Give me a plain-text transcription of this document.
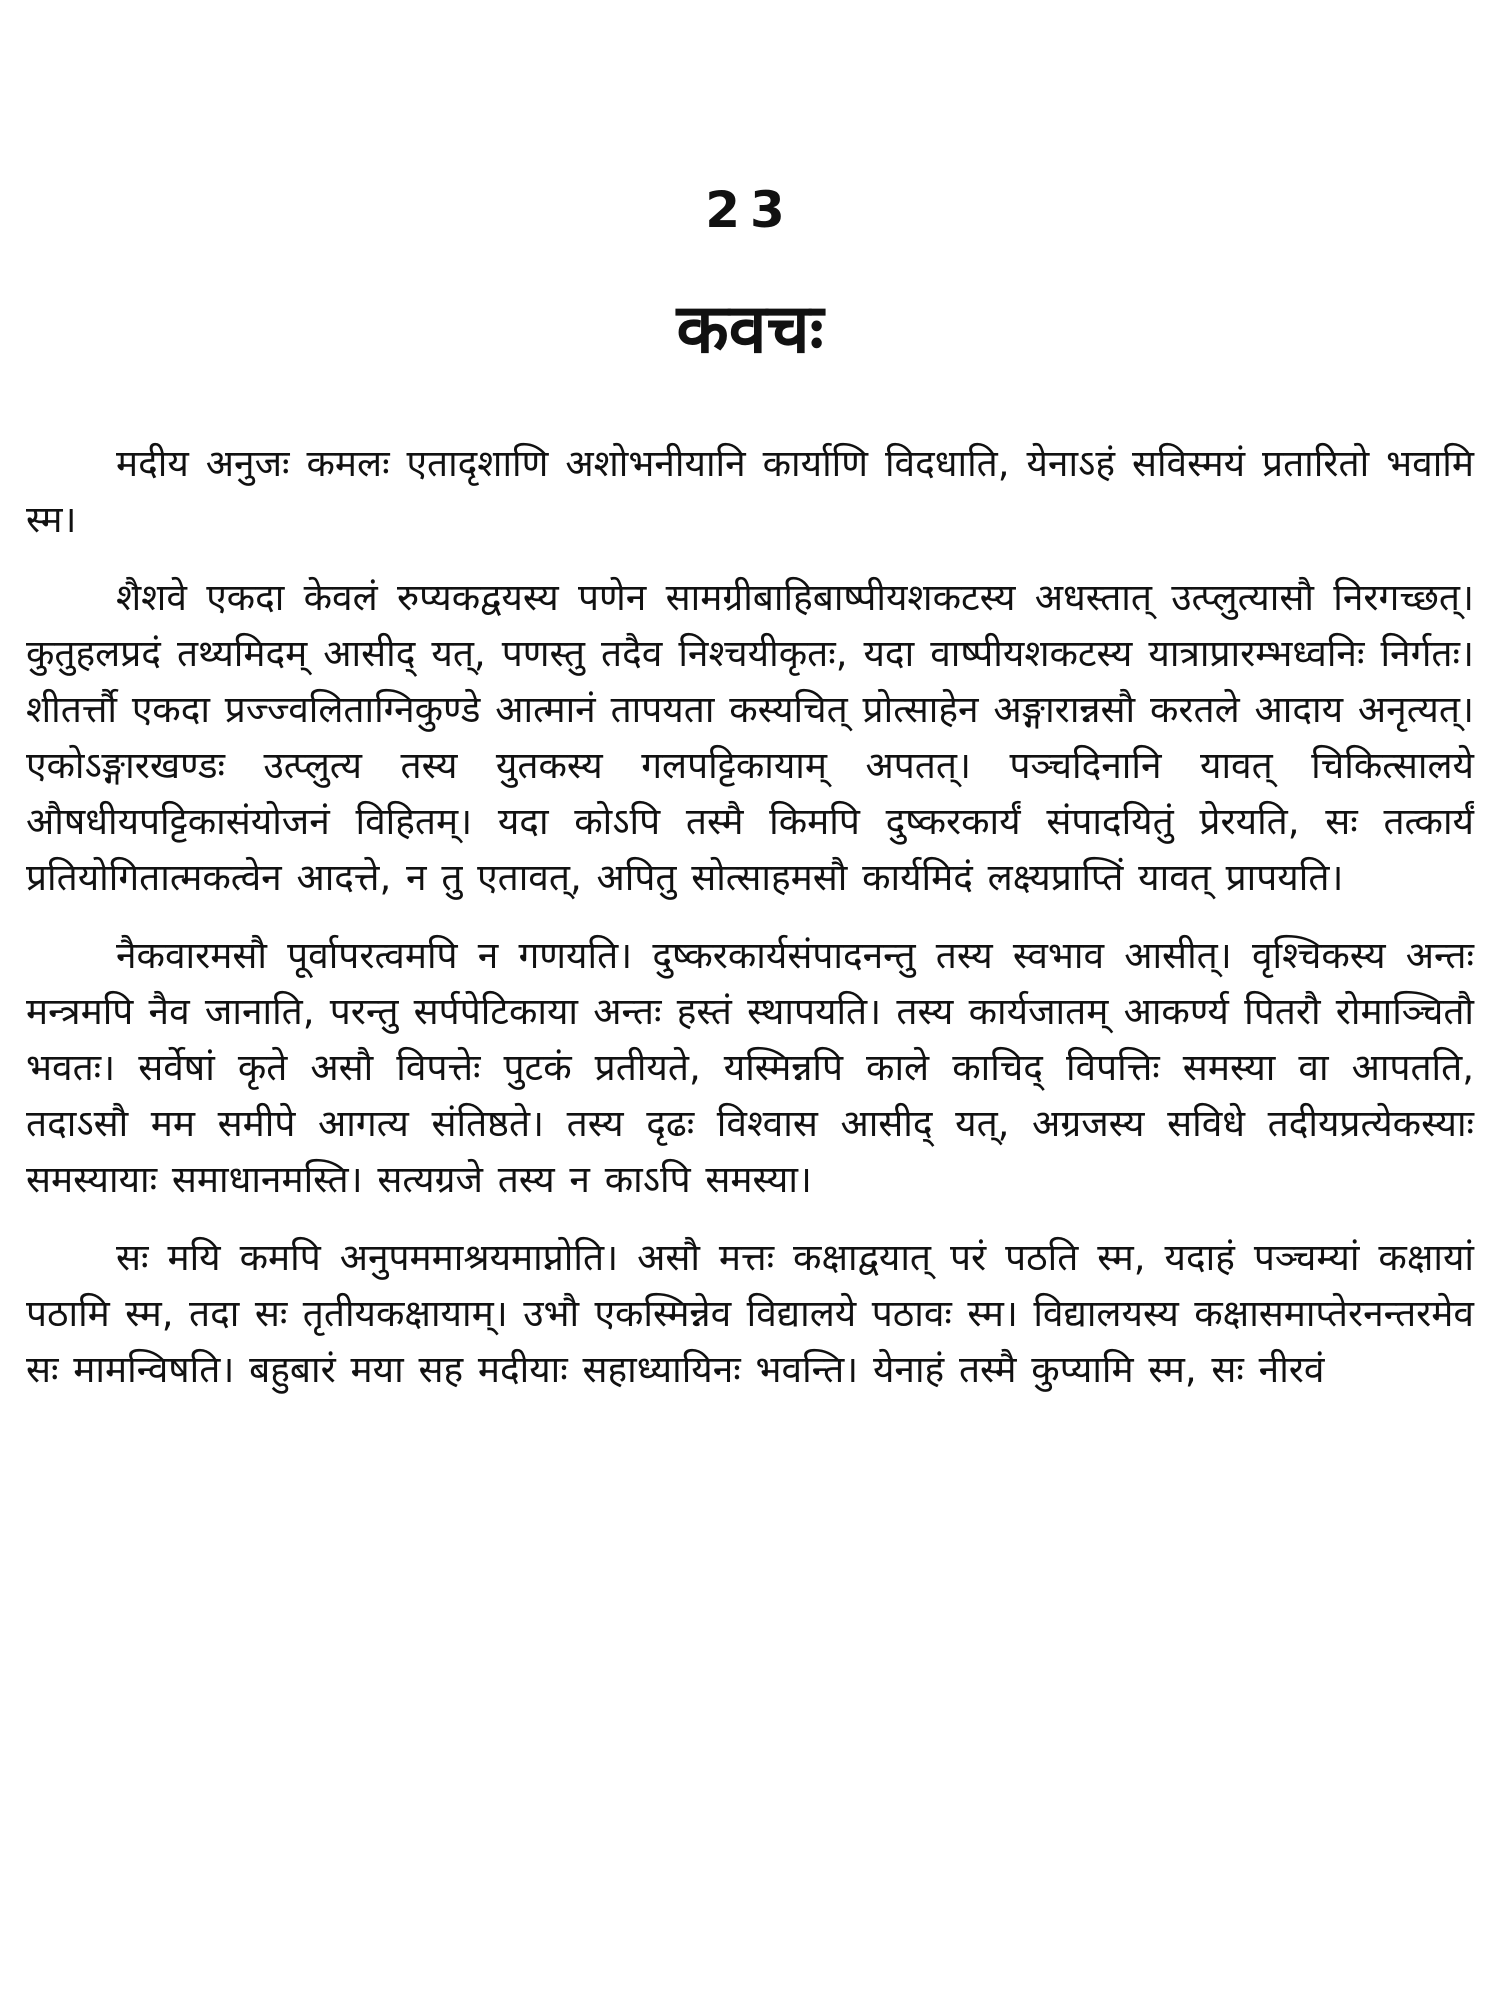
23
कवचः

मदीय अनुजः कमलः एतादृशाणि अशोभनीयानि कार्याणि विदधाति, येनाऽहं सविस्मयं प्रतारितो भवामि स्म।

शैशवे एकदा केवलं रुप्यकद्वयस्य पणेन सामग्रीबाहिबाष्पीयशकटस्य अधस्तात् उत्प्लुत्यासौ निरगच्छत्। कुतुहलप्रदं तथ्यमिदम् आसीद् यत्, पणस्तु तदैव निश्चयीकृतः, यदा वाष्पीयशकटस्य यात्राप्रारम्भध्वनिः निर्गतः। शीतर्त्तौ एकदा प्रज्ज्वलिताग्निकुण्डे आत्मानं तापयता कस्यचित् प्रोत्साहेन अङ्गारान्नसौ करतले आदाय अनृत्यत्। एकोऽङ्गारखण्डः उत्प्लुत्य तस्य युतकस्य गलपट्टिकायाम् अपतत्। पञ्चदिनानि यावत् चिकित्सालये औषधीयपट्टिकासंयोजनं विहितम्। यदा कोऽपि तस्मै किमपि दुष्करकार्यं संपादयितुं प्रेरयति, सः तत्कार्यं प्रतियोगितात्मकत्वेन आदत्ते, न तु एतावत्, अपितु सोत्साहमसौ कार्यमिदं लक्ष्यप्राप्तिं यावत् प्रापयति।

नैकवारमसौ पूर्वापरत्वमपि न गणयति। दुष्करकार्यसंपादनन्तु तस्य स्वभाव आसीत्। वृश्चिकस्य अन्तः मन्त्रमपि नैव जानाति, परन्तु सर्पपेटिकाया अन्तः हस्तं स्थापयति। तस्य कार्यजातम् आकर्ण्य पितरौ रोमाञ्चितौ भवतः। सर्वेषां कृते असौ विपत्तेः पुटकं प्रतीयते, यस्मिन्नपि काले काचिद् विपत्तिः समस्या वा आपतति, तदाऽसौ मम समीपे आगत्य संतिष्ठते। तस्य दृढः विश्वास आसीद् यत्, अग्रजस्य सविधे तदीयप्रत्येकस्याः समस्यायाः समाधानमस्ति। सत्यग्रजे तस्य न काऽपि समस्या।

सः मयि कमपि अनुपममाश्रयमाप्नोति। असौ मत्तः कक्षाद्वयात् परं पठति स्म, यदाहं पञ्चम्यां कक्षायां पठामि स्म, तदा सः तृतीयकक्षायाम्। उभौ एकस्मिन्नेव विद्यालये पठावः स्म। विद्यालयस्य कक्षासमाप्तेरनन्तरमेव सः मामन्विषति। बहुबारं मया सह मदीयाः सहाध्यायिनः भवन्ति। येनाहं तस्मै कुप्यामि स्म, सः नीरवं
